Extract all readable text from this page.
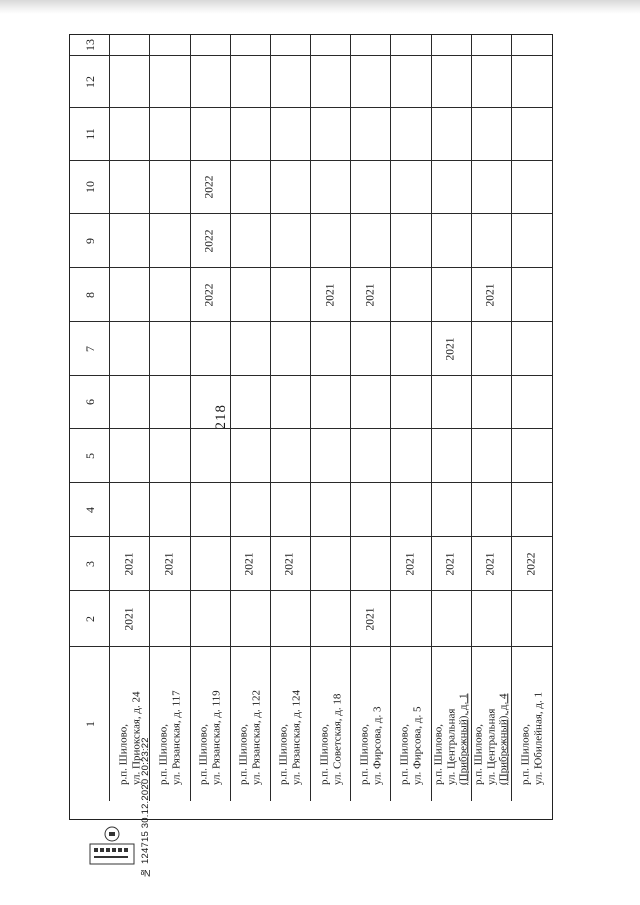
218
13
12
11
10
9
8
7
6
5
4
3
2
1
2021
2021
р.п. Шилово, ул. Приокская, д. 24
2021
р.п. Шилово, ул. Рязанская, д. 117
2022
2022
2022
р.п. Шилово, ул. Рязанская, д. 119
2021
р.п. Шилово, ул. Рязанская, д. 122
2021
р.п. Шилово, ул. Рязанская, д. 124
2021
р.п. Шилово, ул. Советская, д. 18
2021
2021
р.п. Шилово, ул. Фирсова, д. 3
2021
р.п. Шилово, ул. Фирсова, д. 5
2021
2021
р.п. Шилово, ул. Центральная (Прибрежный), д. 1
2021
2021
р.п. Шилово, ул. Центральная (Прибрежный), д. 4
2022
р.п. Шилово, ул. Юбилейная, д. 1
№ 124715 30.12.2020 20:23:22
